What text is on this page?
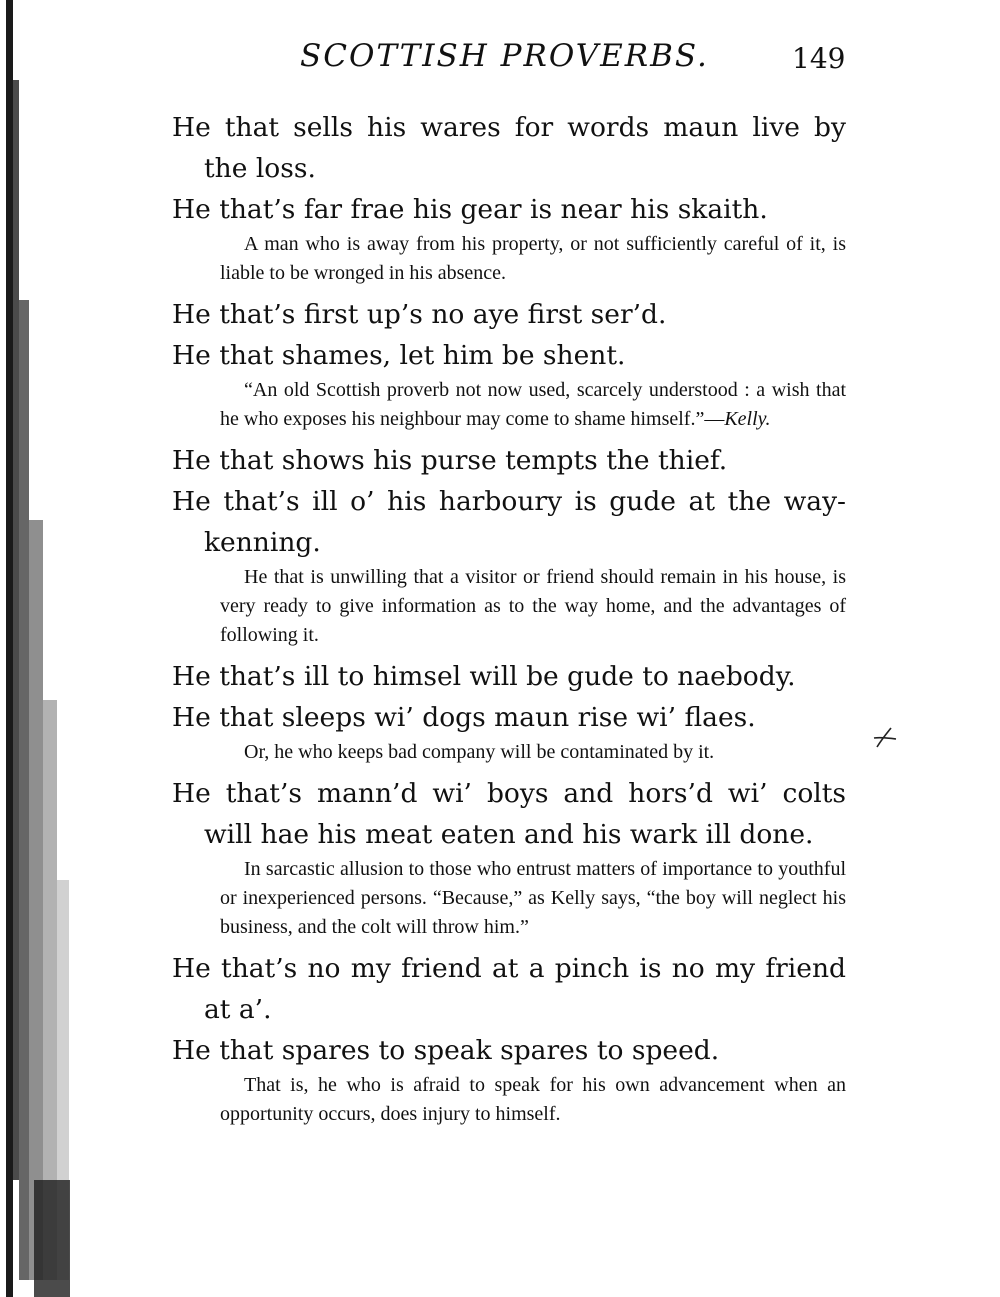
SCOTTISH PROVERBS.	149

He that sells his wares for words maun live by the loss.

He that’s far frae his gear is near his skaith.

A man who is away from his property, or not sufficiently careful of it, is liable to be wronged in his absence.

He that’s first up’s no aye first ser’d.

He that shames, let him be shent.

“An old Scottish proverb not now used, scarcely understood : a wish that he who exposes his neighbour may come to shame himself.”—Kelly.

He that shows his purse tempts the thief.

He that’s ill o’ his harboury is gude at the way-kenning.

He that is unwilling that a visitor or friend should remain in his house, is very ready to give information as to the way home, and the advantages of following it.

He that’s ill to himsel will be gude to naebody.

He that sleeps wi’ dogs maun rise wi’ flaes.

Or, he who keeps bad company will be contaminated by it.

He that’s mann’d wi’ boys and hors’d wi’ colts will hae his meat eaten and his wark ill done.

In sarcastic allusion to those who entrust matters of importance to youthful or inexperienced persons. “Because,” as Kelly says, “the boy will neglect his business, and the colt will throw him.”

He that’s no my friend at a pinch is no my friend at a’.

He that spares to speak spares to speed.

That is, he who is afraid to speak for his own advancement when an opportunity occurs, does injury to himself.
